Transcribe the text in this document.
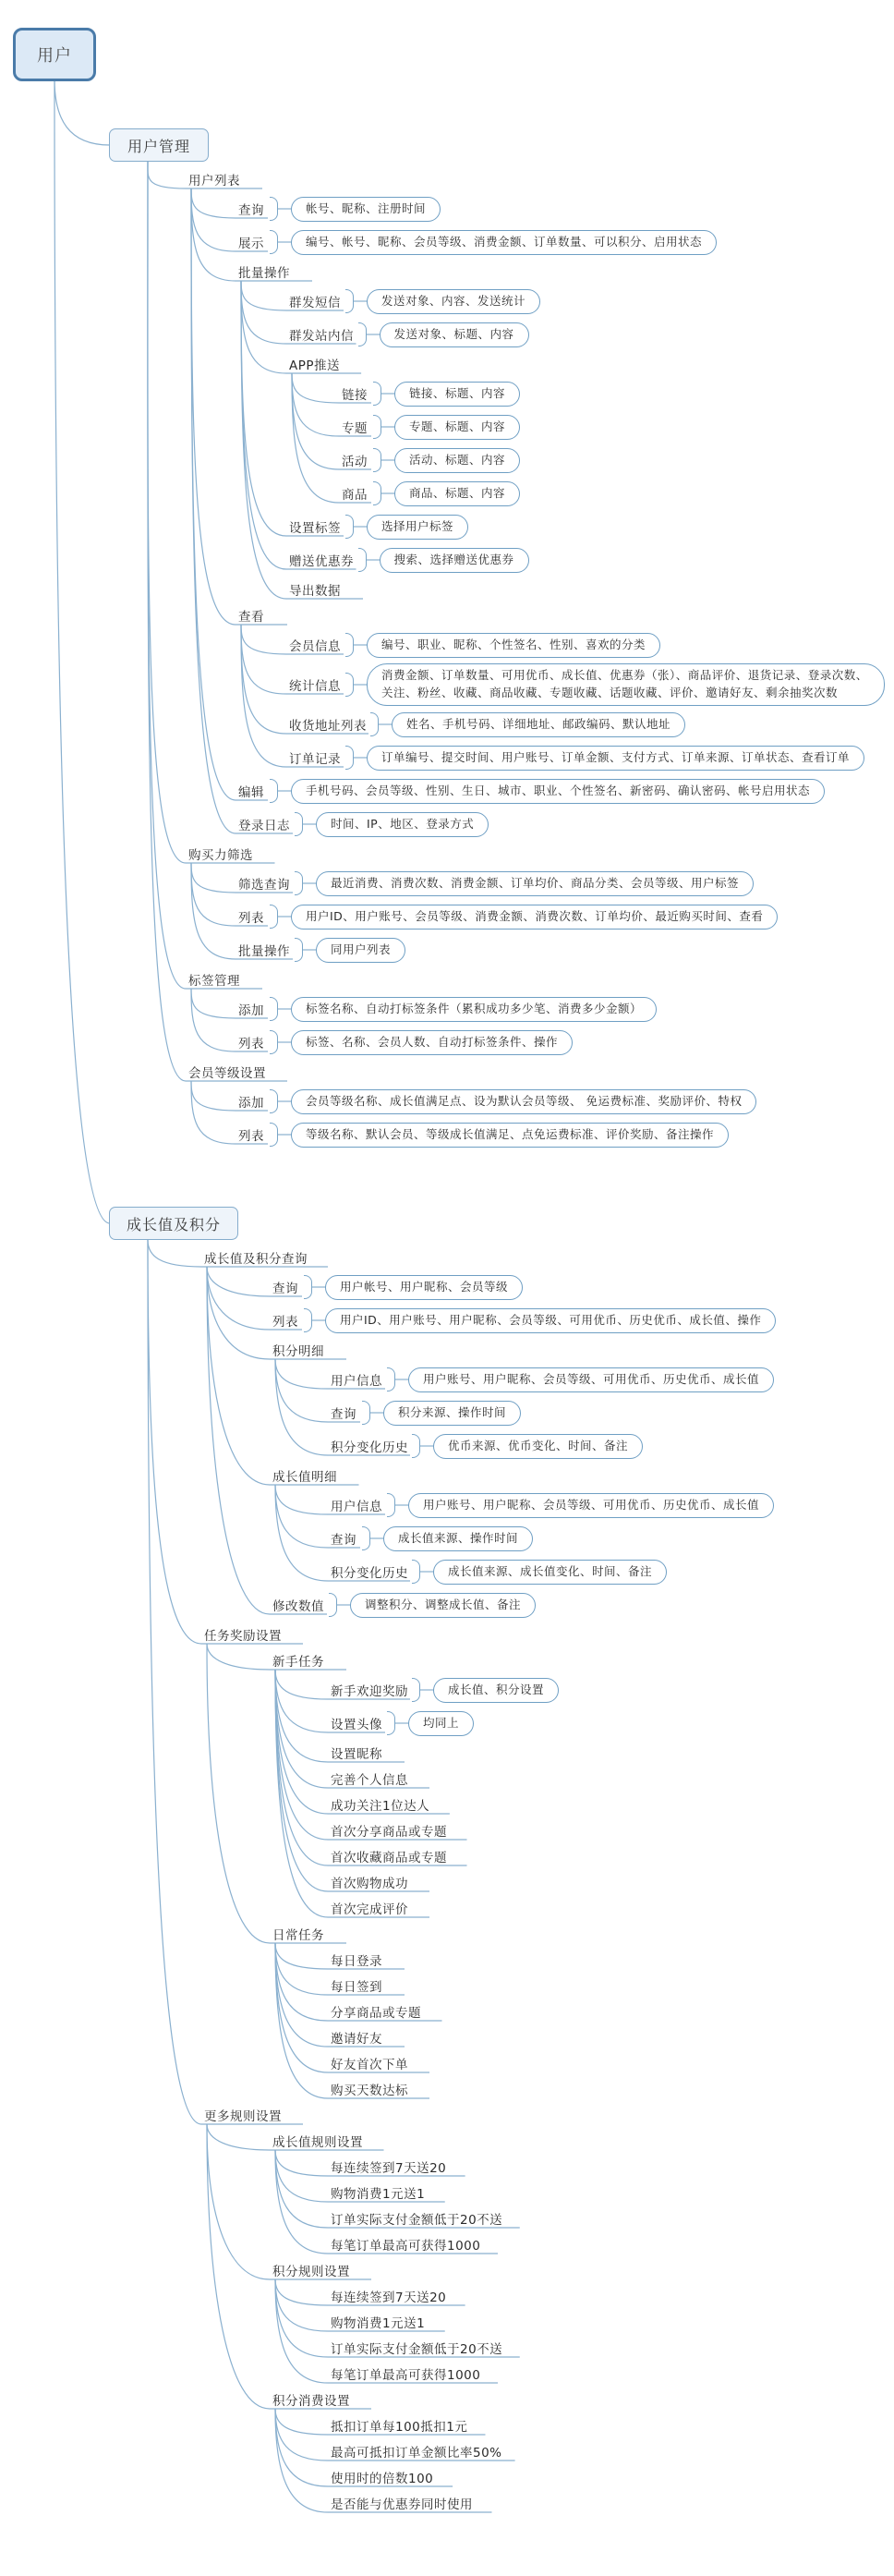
用户
用户管理
用户列表
查询	帐号、昵称、注册时间
展示	编号、帐号、昵称、会员等级、消费金额、订单数量、可以积分、启用状态
批量操作
群发短信	发送对象、内容、发送统计
群发站内信	发送对象、标题、内容
APP推送
链接	链接、标题、内容
专题	专题、标题、内容
活动	活动、标题、内容
商品	商品、标题、内容
设置标签	选择用户标签
赠送优惠券	搜索、选择赠送优惠券
导出数据
查看
会员信息	编号、职业、昵称、个性签名、性别、喜欢的分类
统计信息
消费金额、订单数量、可用优币、成长值、优惠券（张）、商品评价、退货记录、登录次数、关注、粉丝、收藏、商品收藏、专题收藏、话题收藏、评价、邀请好友、剩余抽奖次数
收货地址列表	姓名、手机号码、详细地址、邮政编码、默认地址
订单记录	订单编号、提交时间、用户账号、订单金额、支付方式、订单来源、订单状态、查看订单
编辑	手机号码、会员等级、性别、生日、城市、职业、个性签名、新密码、确认密码、帐号启用状态
登录日志	时间、IP、地区、登录方式
购买力筛选
筛选查询	最近消费、消费次数、消费金额、订单均价、商品分类、会员等级、用户标签
列表	用户ID、用户账号、会员等级、消费金额、消费次数、订单均价、最近购买时间、查看
批量操作	同用户列表
标签管理
添加	标签名称、自动打标签条件（累积成功多少笔、消费多少金额）
列表	标签、名称、会员人数、自动打标签条件、操作
会员等级设置
添加	会员等级名称、成长值满足点、设为默认会员等级、 免运费标准、奖励评价、特权
列表	等级名称、默认会员、等级成长值满足、点免运费标准、评价奖励、备注操作
成长值及积分
成长值及积分查询
查询	用户帐号、用户昵称、会员等级
列表	用户ID、用户账号、用户昵称、会员等级、可用优币、历史优币、成长值、操作
积分明细
用户信息	用户账号、用户昵称、会员等级、可用优币、历史优币、成长值
查询	积分来源、操作时间
积分变化历史	优币来源、优币变化、时间、备注
成长值明细
用户信息	用户账号、用户昵称、会员等级、可用优币、历史优币、成长值
查询	成长值来源、操作时间
积分变化历史	成长值来源、成长值变化、时间、备注
修改数值	调整积分、调整成长值、备注
任务奖励设置
新手任务
新手欢迎奖励	成长值、积分设置
设置头像	均同上
设置昵称
完善个人信息
成功关注1位达人
首次分享商品或专题
首次收藏商品或专题
首次购物成功
首次完成评价
日常任务
每日登录
每日签到
分享商品或专题
邀请好友
好友首次下单
购买天数达标
更多规则设置
成长值规则设置
每连续签到7天送20
购物消费1元送1
订单实际支付金额低于20不送
每笔订单最高可获得1000
积分规则设置
每连续签到7天送20
购物消费1元送1
订单实际支付金额低于20不送
每笔订单最高可获得1000
积分消费设置
抵扣订单每100抵扣1元
最高可抵扣订单金额比率50%
使用时的倍数100
是否能与优惠券同时使用
